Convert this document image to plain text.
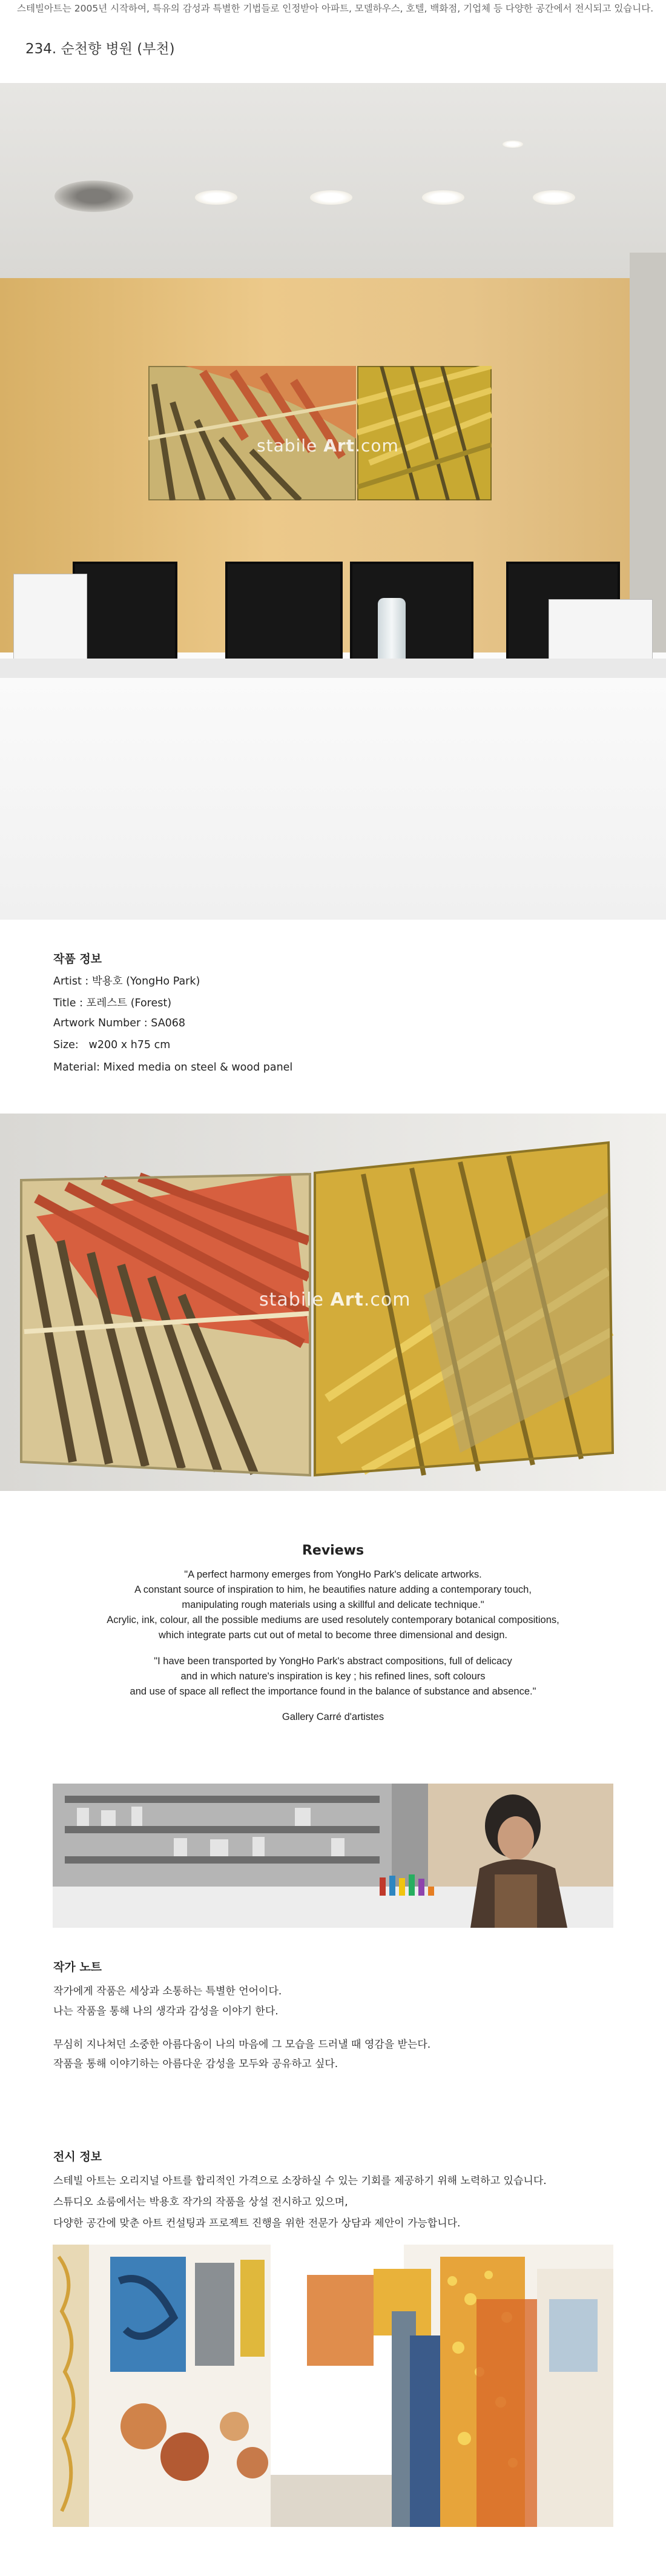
스테빌아트는 2005년 시작하여, 특유의 감성과 특별한 기법들로 인정받아 아파트, 모델하우스, 호텔, 백화점, 기업체 등 다양한 공간에서 전시되고 있습니다.
234. 순천향 병원 (부천)
stabile Art.com
작품 정보
Artist : 박용호 (YongHo Park)
Title : 포레스트 (Forest)
Artwork Number : SA068
Size:   w200 x h75 cm
Material: Mixed media on steel & wood panel
stabile Art.com
Reviews
"A perfect harmony emerges from YongHo Park's delicate artworks.
A constant source of inspiration to him, he beautifies nature adding a contemporary touch,
manipulating rough materials using a skillful and delicate technique."
Acrylic, ink, colour, all the possible mediums are used resolutely contemporary botanical compositions,
which integrate parts cut out of metal to become three dimensional and design.
"I have been transported by YongHo Park's abstract compositions, full of delicacy
and in which nature's inspiration is key ; his refined lines, soft colours
and use of space all reflect the importance found in the balance of substance and absence."
Gallery Carré d'artistes
작가 노트
작가에게 작품은 세상과 소통하는 특별한 언어이다.
나는 작품을 통해 나의 생각과 감성을 이야기 한다.
무심히 지나쳐던 소중한 아름다움이 나의 마음에 그 모습을 드러낼 때 영감을 받는다.
작품을 통해 이야기하는 아름다운 감성을 모두와 공유하고 싶다.
전시 정보
스테빌 아트는 오리지널 아트를 합리적인 가격으로 소장하실 수 있는 기회를 제공하기 위해 노력하고 있습니다.
스튜디오 쇼룸에서는 박용호 작가의 작품을 상설 전시하고 있으며,
다양한 공간에 맞춘 아트 컨설팅과 프로젝트 진행을 위한 전문가 상담과 제안이 가능합니다.
